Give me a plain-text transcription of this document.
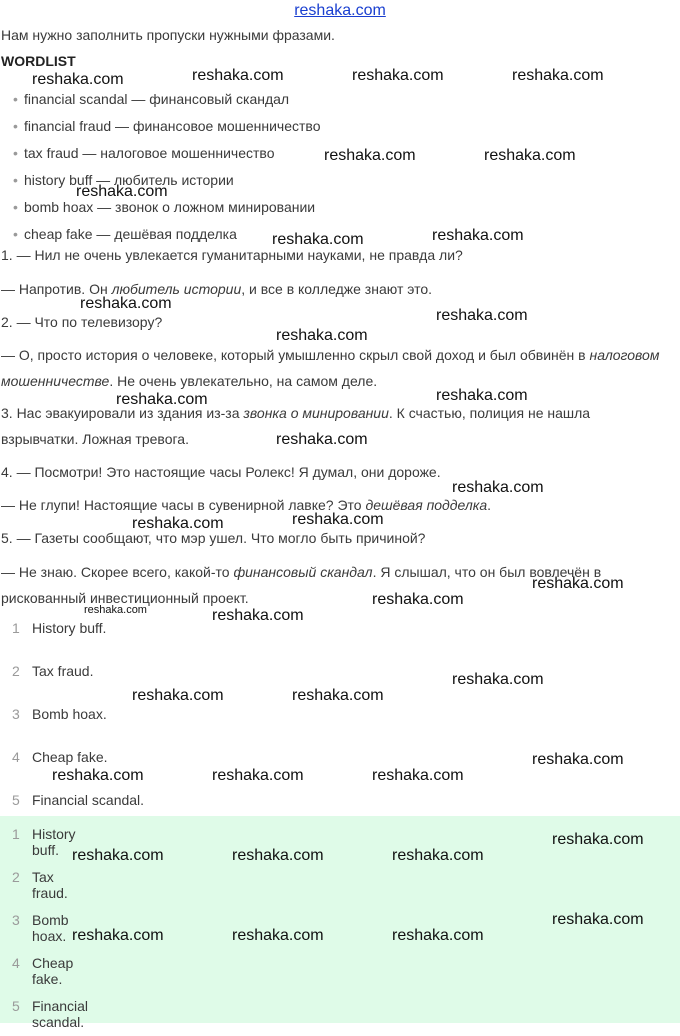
reshaka.com
Нам нужно заполнить пропуски нужными фразами.
WORDLIST
• financial scandal — финансовый скандал
• financial fraud — финансовое мошенничество
• tax fraud — налоговое мошенничество
• history buff — любитель истории
• bomb hoax — звонок о ложном минировании
• cheap fake — дешёвая подделка
1. — Нил не очень увлекается гуманитарными науками, не правда ли?
— Напротив. Он любитель истории, и все в колледже знают это.
2. — Что по телевизору?
— О, просто история о человеке, который умышленно скрыл свой доход и был обвинён в налоговом мошенничестве. Не очень увлекательно, на самом деле.
3. Нас эвакуировали из здания из-за звонка о минировании. К счастью, полиция не нашла взрывчатки. Ложная тревога.
4. — Посмотри! Это настоящие часы Ролекс! Я думал, они дороже.
— Не глупи! Настоящие часы в сувенирной лавке? Это дешёвая подделка.
5. — Газеты сообщают, что мэр ушел. Что могло быть причиной?
— Не знаю. Скорее всего, какой-то финансовый скандал. Я слышал, что он был вовлечён в рискованный инвестиционный проект.
1 History buff.
2 Tax fraud.
3 Bomb hoax.
4 Cheap fake.
5 Financial scandal.
1 History buff.
2 Tax fraud.
3 Bomb hoax.
4 Cheap fake.
5 Financial scandal.
reshaka.com	reshaka.com	reshaka.com	reshaka.com
reshaka.com	reshaka.com
reshaka.com
reshaka.com	reshaka.com
reshaka.com
reshaka.com
reshaka.com
reshaka.com	reshaka.com
reshaka.com
reshaka.com
reshaka.com
reshaka.com
reshaka.com
reshaka.com
reshaka.com	reshaka.com
reshaka.com
reshaka.com	reshaka.com
reshaka.com
reshaka.com	reshaka.com	reshaka.com
reshaka.com
reshaka.com	reshaka.com	reshaka.com
reshaka.com
reshaka.com	reshaka.com	reshaka.com
